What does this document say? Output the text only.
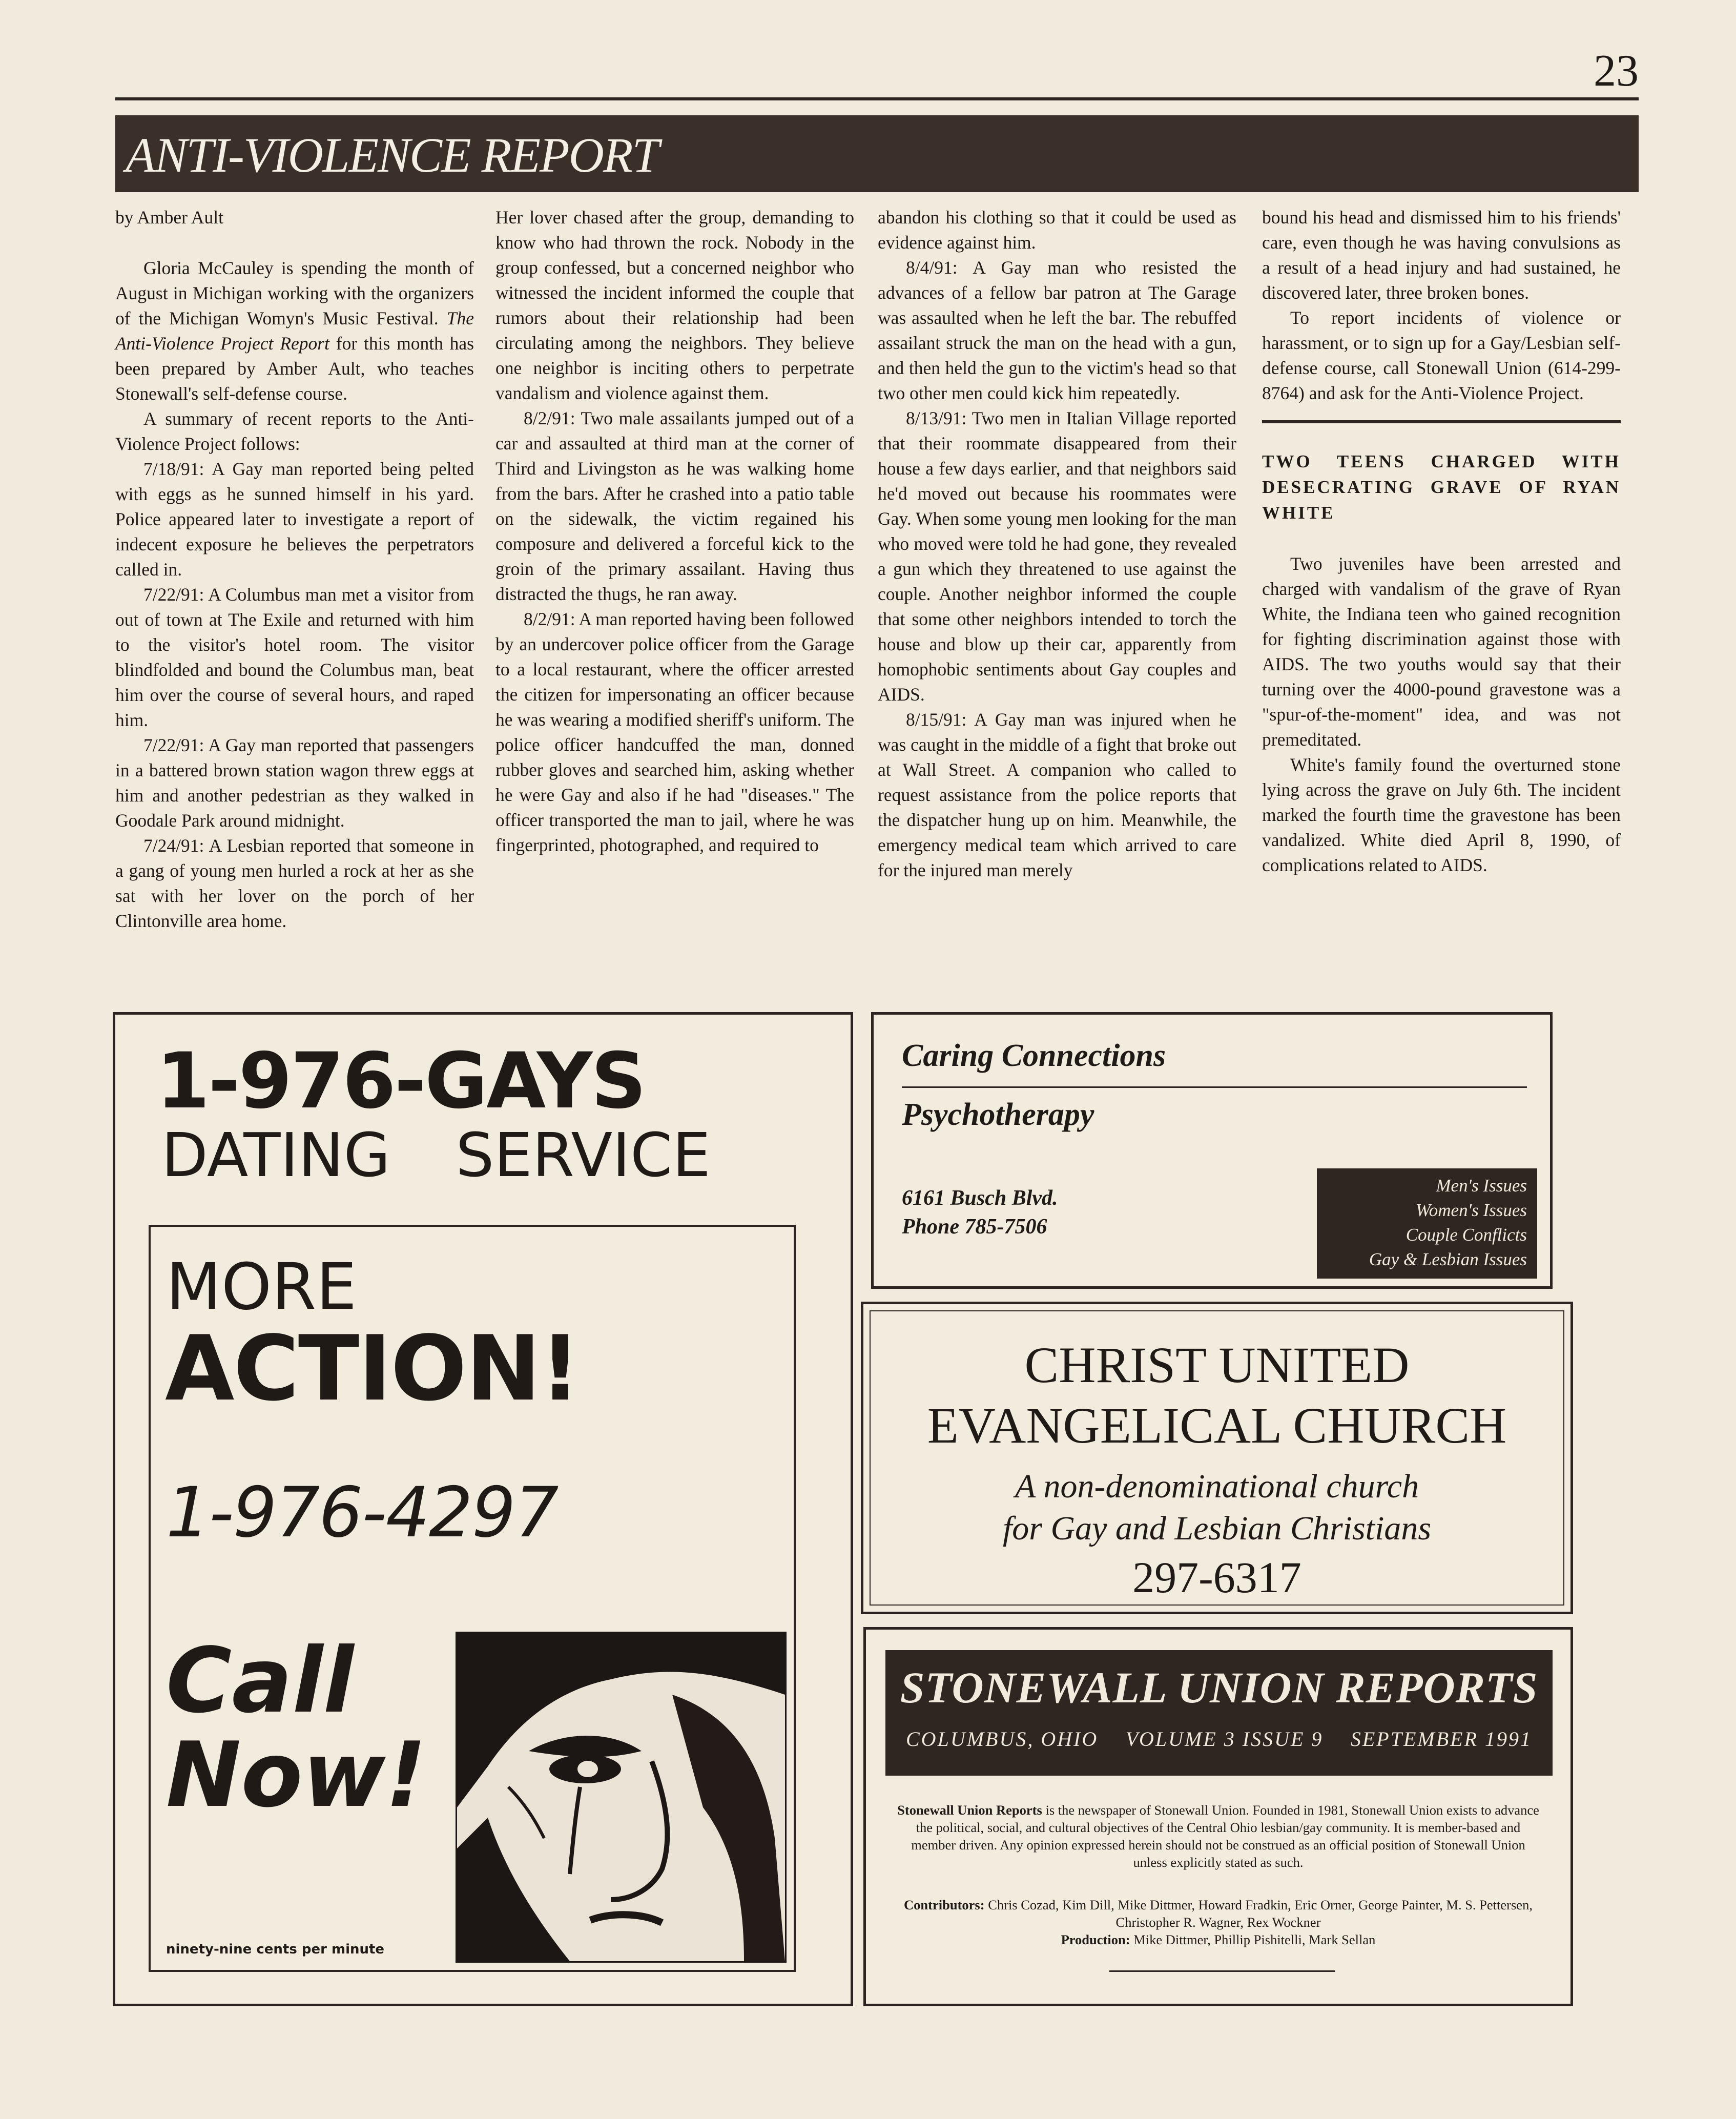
23
ANTI-VIOLENCE REPORT

by Amber Ault

Gloria McCauley is spending the month of August in Michigan working with the organizers of the Michigan Womyn's Music Festival. The Anti-Violence Project Report for this month has been prepared by Amber Ault, who teaches Stonewall's self-defense course.

A summary of recent reports to the Anti-Violence Project follows:

7/18/91: A Gay man reported being pelted with eggs as he sunned himself in his yard. Police appeared later to investigate a report of indecent exposure he believes the perpetrators called in.

7/22/91: A Columbus man met a visitor from out of town at The Exile and returned with him to the visitor's hotel room. The visitor blindfolded and bound the Columbus man, beat him over the course of several hours, and raped him.

7/22/91: A Gay man reported that passengers in a battered brown station wagon threw eggs at him and another pedestrian as they walked in Goodale Park around midnight.

7/24/91: A Lesbian reported that someone in a gang of young men hurled a rock at her as she sat with her lover on the porch of her Clintonville area home.

Her lover chased after the group, demanding to know who had thrown the rock. Nobody in the group confessed, but a concerned neighbor who witnessed the incident informed the couple that rumors about their relationship had been circulating among the neighbors. They believe one neighbor is inciting others to perpetrate vandalism and violence against them.

8/2/91: Two male assailants jumped out of a car and assaulted at third man at the corner of Third and Livingston as he was walking home from the bars. After he crashed into a patio table on the sidewalk, the victim regained his composure and delivered a forceful kick to the groin of the primary assailant. Having thus distracted the thugs, he ran away.

8/2/91: A man reported having been followed by an undercover police officer from the Garage to a local restaurant, where the officer arrested the citizen for impersonating an officer because he was wearing a modified sheriff's uniform. The police officer handcuffed the man, donned rubber gloves and searched him, asking whether he were Gay and also if he had "diseases." The officer transported the man to jail, where he was fingerprinted, photographed, and required to

abandon his clothing so that it could be used as evidence against him.

8/4/91: A Gay man who resisted the advances of a fellow bar patron at The Garage was assaulted when he left the bar. The rebuffed assailant struck the man on the head with a gun, and then held the gun to the victim's head so that two other men could kick him repeatedly.

8/13/91: Two men in Italian Village reported that their roommate disappeared from their house a few days earlier, and that neighbors said he'd moved out because his roommates were Gay. When some young men looking for the man who moved were told he had gone, they revealed a gun which they threatened to use against the couple. Another neighbor informed the couple that some other neighbors intended to torch the house and blow up their car, apparently from homophobic sentiments about Gay couples and AIDS.

8/15/91: A Gay man was injured when he was caught in the middle of a fight that broke out at Wall Street. A companion who called to request assistance from the police reports that the dispatcher hung up on him. Meanwhile, the emergency medical team which arrived to care for the injured man merely

bound his head and dismissed him to his friends' care, even though he was having convulsions as a result of a head injury and had sustained, he discovered later, three broken bones.

To report incidents of violence or harassment, or to sign up for a Gay/Lesbian self-defense course, call Stonewall Union (614-299-8764) and ask for the Anti-Violence Project.

TWO TEENS CHARGED WITH DESECRATING GRAVE OF RYAN WHITE

Two juveniles have been arrested and charged with vandalism of the grave of Ryan White, the Indiana teen who gained recognition for fighting discrimination against those with AIDS. The two youths would say that their turning over the 4000-pound gravestone was a "spur-of-the-moment" idea, and was not premeditated.

White's family found the overturned stone lying across the grave on July 6th. The incident marked the fourth time the gravestone has been vandalized. White died April 8, 1990, of complications related to AIDS.

1-976-GAYS
DATING SERVICE
MORE
ACTION!
1-976-4297
Call
Now!
ninety-nine cents per minute
Caring Connections
Psychotherapy
6161 Busch Blvd.
Phone 785-7506
Men's Issues
Women's Issues
Couple Conflicts
Gay & Lesbian Issues
CHRIST UNITED
EVANGELICAL CHURCH
A non-denominational church
for Gay and Lesbian Christians
297-6317
STONEWALL UNION REPORTS
COLUMBUS, OHIO VOLUME 3 ISSUE 9 SEPTEMBER 1991
Stonewall Union Reports is the newspaper of Stonewall Union. Founded in 1981, Stonewall Union exists to advance the political, social, and cultural objectives of the Central Ohio lesbian/gay community. It is member-based and member driven. Any opinion expressed herein should not be construed as an official position of Stonewall Union unless explicitly stated as such.
Contributors: Chris Cozad, Kim Dill, Mike Dittmer, Howard Fradkin, Eric Orner, George Painter, M. S. Pettersen, Christopher R. Wagner, Rex Wockner
Production: Mike Dittmer, Phillip Pishitelli, Mark Sellan
